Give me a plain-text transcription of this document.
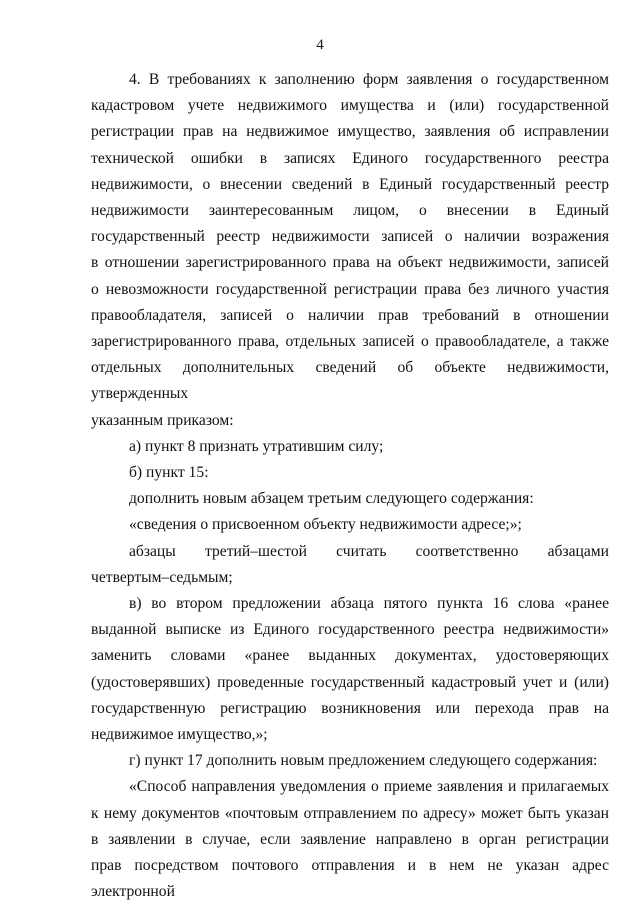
4

4. В требованиях к заполнению форм заявления о государственном
кадастровом учете недвижимого имущества и (или) государственной
регистрации прав на недвижимое имущество, заявления об исправлении
технической ошибки в записях Единого государственного реестра
недвижимости, о внесении сведений в Единый государственный реестр
недвижимости заинтересованным лицом, о внесении в Единый
государственный реестр недвижимости записей о наличии возражения
в отношении зарегистрированного права на объект недвижимости, записей
о невозможности государственной регистрации права без личного участия
правообладателя, записей о наличии прав требований в отношении
зарегистрированного права, отдельных записей о правообладателе, а также
отдельных дополнительных сведений об объекте недвижимости, утвержденных
указанным приказом:

а) пункт 8 признать утратившим силу;

б) пункт 15:

дополнить новым абзацем третьим следующего содержания:

«сведения о присвоенном объекту недвижимости адресе;»;

абзацы третий–шестой считать соответственно абзацами
четвертым–седьмым;

в) во втором предложении абзаца пятого пункта 16 слова «ранее
выданной выписке из Единого государственного реестра недвижимости»
заменить словами «ранее выданных документах, удостоверяющих
(удостоверявших) проведенные государственный кадастровый учет и (или)
государственную регистрацию возникновения или перехода прав на
недвижимое имущество,»;

г) пункт 17 дополнить новым предложением следующего содержания:

«Способ направления уведомления о приеме заявления и прилагаемых
к нему документов «почтовым отправлением по адресу» может быть указан
в заявлении в случае, если заявление направлено в орган регистрации
прав посредством почтового отправления и в нем не указан адрес электронной
